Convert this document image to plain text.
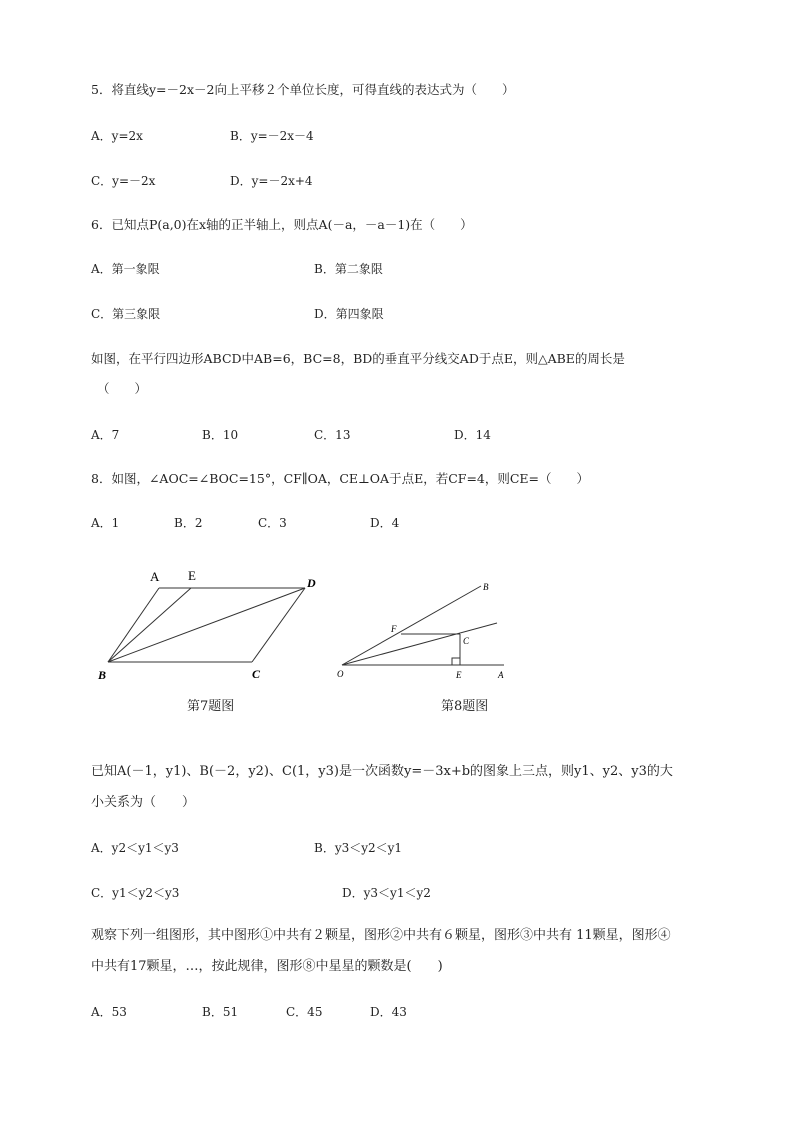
5．将直线y=－2x－2向上平移２个单位长度，可得直线的表达式为（　　）
A．y=2x	B．y=－2x－4
C．y=－2x	D．y=－2x+4
6．已知点P(a,0)在x轴的正半轴上，则点A(－a，－a－1)在（　　）
A．第一象限	B．第二象限
C．第三象限	D．第四象限
如图，在平行四边形ABCD中AB=6，BC=8，BD的垂直平分线交AD于点E，则△ABE的周长是
（　　）
A．7	B．10	C．13	D．14
8．如图，∠AOC=∠BOC=15°，CF∥OA，CE⊥OA于点E，若CF=4，则CE=（　　）
A．1	B．2	C．3	D．4
A E	D
B	C
第7题图
B
F
C
O	E	A
第8题图
已知A(－1，y1)、B(－2，y2)、C(1，y3)是一次函数y=－3x+b的图象上三点，则y1、y2、y3的大
小关系为（　　）
A．y2＜y1＜y3	B．y3＜y2＜y1
C．y1＜y2＜y3	D．y3＜y1＜y2
观察下列一组图形，其中图形①中共有２颗星，图形②中共有６颗星，图形③中共有 11颗星，图形④
中共有17颗星，…，按此规律，图形⑧中星星的颗数是(　　)
A．53	B．51	C．45	D．43
